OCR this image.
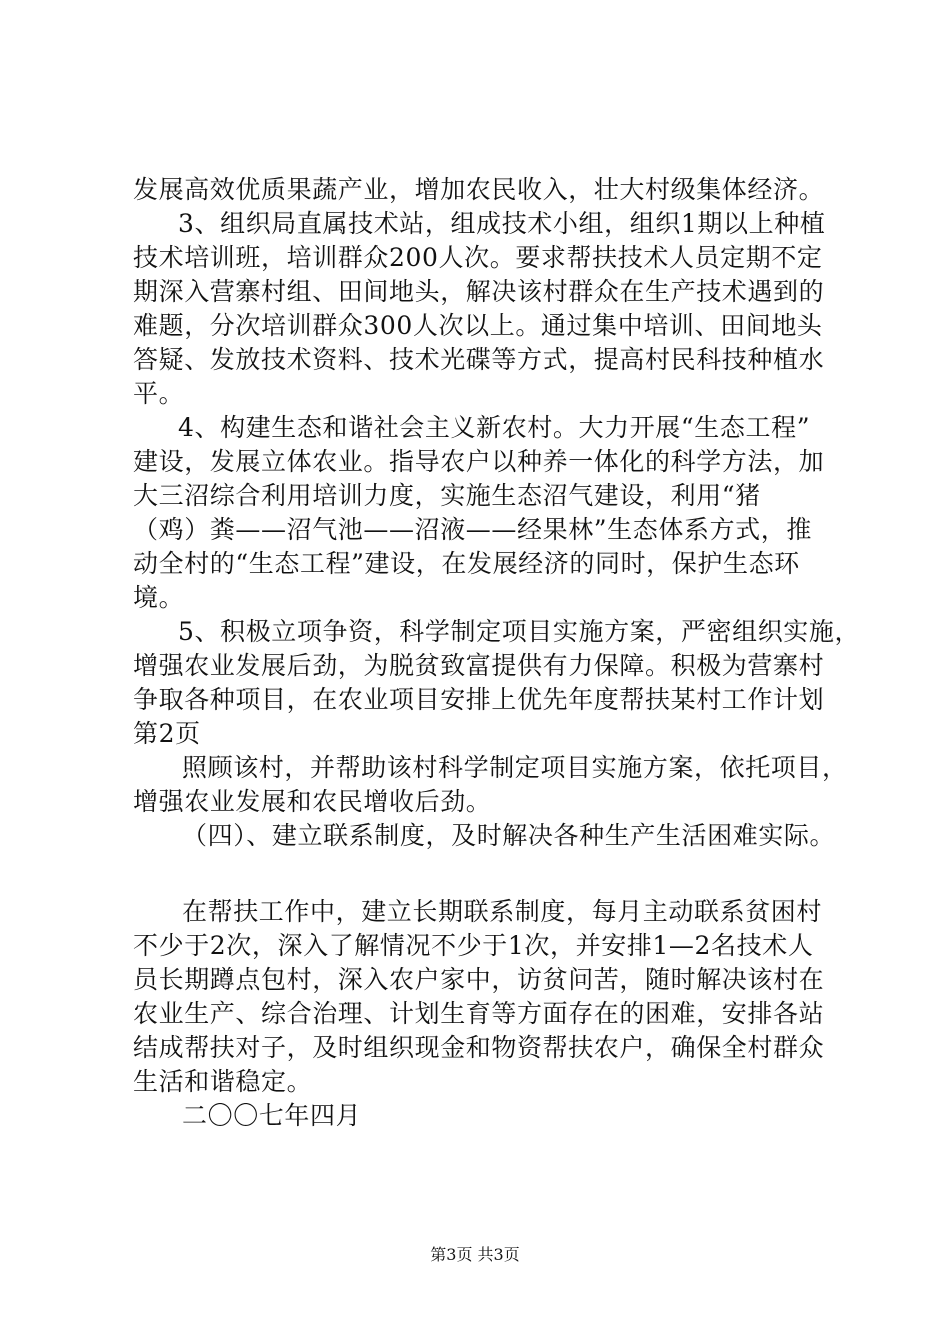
发展高效优质果蔬产业，增加农民收入，壮大村级集体经济。
3、组织局直属技术站，组成技术小组，组织1期以上种植
技术培训班，培训群众200人次。要求帮扶技术人员定期不定
期深入营寨村组、田间地头，解决该村群众在生产技术遇到的
难题，分次培训群众300人次以上。通过集中培训、田间地头
答疑、发放技术资料、技术光碟等方式，提高村民科技种植水
平。
4、构建生态和谐社会主义新农村。大力开展“生态工程”
建设，发展立体农业。指导农户以种养一体化的科学方法，加
大三沼综合利用培训力度，实施生态沼气建设，利用“猪
（鸡）粪——沼气池——沼液——经果林”生态体系方式，推
动全村的“生态工程”建设，在发展经济的同时，保护生态环
境。
5、积极立项争资，科学制定项目实施方案，严密组织实施，
增强农业发展后劲，为脱贫致富提供有力保障。积极为营寨村
争取各种项目，在农业项目安排上优先年度帮扶某村工作计划
第2页
照顾该村，并帮助该村科学制定项目实施方案，依托项目，
增强农业发展和农民增收后劲。
（四）、建立联系制度，及时解决各种生产生活困难实际。
在帮扶工作中，建立长期联系制度，每月主动联系贫困村
不少于2次，深入了解情况不少于1次，并安排1—2名技术人
员长期蹲点包村，深入农户家中，访贫问苦，随时解决该村在
农业生产、综合治理、计划生育等方面存在的困难，安排各站
结成帮扶对子，及时组织现金和物资帮扶农户，确保全村群众
生活和谐稳定。
二〇〇七年四月
第3页 共3页
